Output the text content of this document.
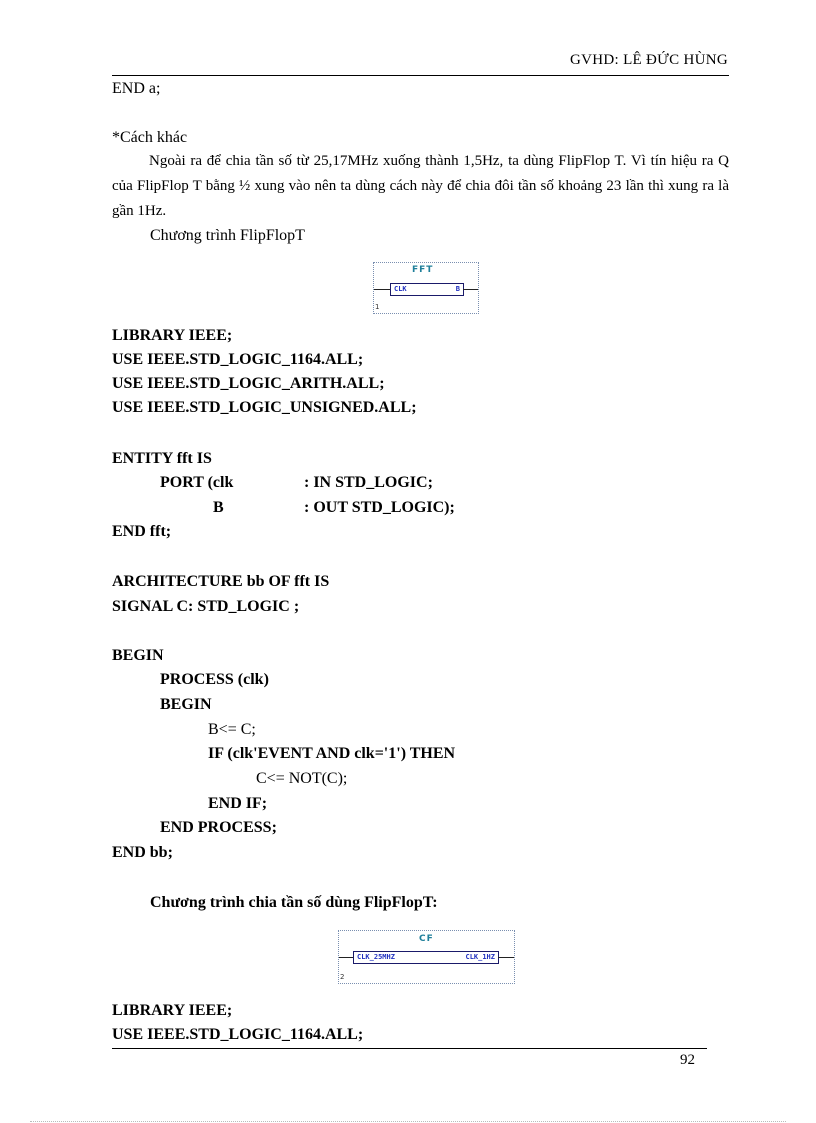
GVHD: LÊ ĐỨC HÙNG
END a;
*Cách khác
Ngoài ra để chia tần số từ 25,17MHz xuống thành 1,5Hz, ta dùng FlipFlop T. Vì tín hiệu ra Q của FlipFlop T bằng ½ xung vào nên ta dùng cách này để chia đôi tần số khoảng 23 lần thì xung ra là gần 1Hz.
Chương trình FlipFlopT
FFT
CLK	B
1
LIBRARY IEEE;
USE IEEE.STD_LOGIC_1164.ALL;
USE IEEE.STD_LOGIC_ARITH.ALL;
USE IEEE.STD_LOGIC_UNSIGNED.ALL;
ENTITY fft IS
PORT (clk	: IN STD_LOGIC;
B	: OUT STD_LOGIC);
END fft;
ARCHITECTURE bb OF fft IS
SIGNAL C: STD_LOGIC ;
BEGIN
PROCESS (clk)
BEGIN
B<= C;
IF (clk'EVENT AND clk='1') THEN
C<= NOT(C);
END IF;
END PROCESS;
END bb;
Chương trình chia tần số dùng FlipFlopT:
CF
CLK_25MHZ	CLK_1HZ
2
LIBRARY IEEE;
USE IEEE.STD_LOGIC_1164.ALL;
92
